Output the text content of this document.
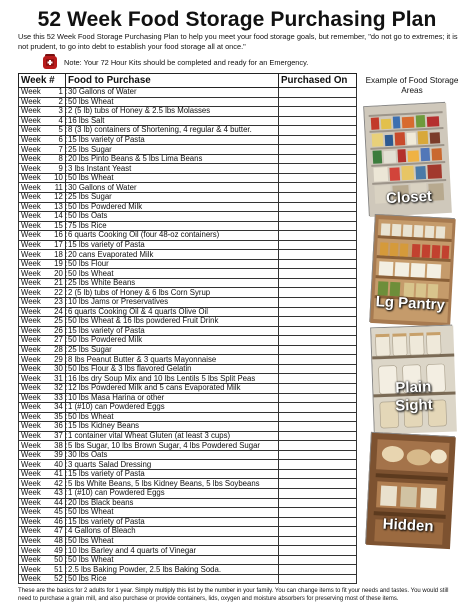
52 Week Food Storage Purchasing Plan
Use this 52 Week Food Storage Purchasing Plan to help you meet your food storage goals, but remember, "do not go to extremes; it is not prudent, to go into debt to establish your food storage all at once."
Note: Your 72 Hour Kits should be completed and ready for an Emergency.
Week #	Food to Purchase	Purchased On
Week 1 :	30 Gallons of Water	
Week 2 :	50 lbs Wheat	
Week 3 :	2 (5 lb) tubs of Honey & 2.5 lbs Molasses	
Week 4 :	16 lbs Salt	
Week 5 :	8 (3 lb) containers of Shortening, 4 regular & 4 butter.	
Week 6 :	15 lbs variety of Pasta	
Week 7 :	25 lbs Sugar	
Week 8 :	20 lbs Pinto Beans & 5 lbs Lima Beans	
Week 9 :	3 lbs Instant Yeast	
Week 10 :	50 lbs Wheat	
Week 11 :	30 Gallons of Water	
Week 12 :	25 lbs Sugar	
Week 13 :	50 lbs Powdered Milk	
Week 14 :	50 lbs Oats	
Week 15 :	75 lbs Rice	
Week 16 :	6 quarts Cooking Oil (four 48-oz containers)	
Week 17 :	15 lbs variety of Pasta	
Week 18 :	20 cans Evaporated Milk	
Week 19 :	50 lbs Flour	
Week 20 :	50 lbs Wheat	
Week 21 :	25 lbs White Beans	
Week 22 :	2 (5 lb) tubs of Honey & 6 lbs Corn Syrup	
Week 23 :	10 lbs Jams or Preservatives	
Week 24 :	6 quarts Cooking Oil & 4 quarts Olive Oil	
Week 25 :	50 lbs Wheat & 16 lbs powdered Fruit Drink	
Week 26 :	15 lbs variety of Pasta	
Week 27 :	50 lbs Powdered Milk	
Week 28 :	25 lbs Sugar	
Week 29 :	8 lbs Peanut Butter & 3 quarts Mayonnaise	
Week 30 :	50 lbs Flour & 3 lbs flavored Gelatin	
Week 31 :	16 lbs dry Soup Mix and 10 lbs Lentils 5 lbs Split Peas	
Week 32 :	12 lbs Powdered Milk and 5 cans Evaporated Milk	
Week 33 :	10 lbs Masa Harina or other	
Week 34 :	1 (#10) can Powdered Eggs	
Week 35 :	50 lbs Wheat	
Week 36 :	15 lbs Kidney Beans	
Week 37 :	1 container vital Wheat Gluten (at least 3 cups)	
Week 38 :	5 lbs Sugar, 10 lbs Brown Sugar, 4 lbs Powdered Sugar	
Week 39 :	30 lbs Oats	
Week 40 :	3 quarts Salad Dressing	
Week 41 :	15 lbs variety of Pasta	
Week 42 :	5 lbs White Beans, 5 lbs Kidney Beans, 5 lbs Soybeans	
Week 43 :	1 (#10) can Powdered Eggs	
Week 44 :	20 lbs Black beans	
Week 45 :	50 lbs Wheat	
Week 46 :	15 lbs variety of Pasta	
Week 47 :	4 Gallons of Bleach	
Week 48 :	50 lbs Wheat	
Week 49 :	10 lbs Barley and 4 quarts of Vinegar	
Week 50 :	50 lbs Wheat	
Week 51 :	2.5 lbs Baking Powder, 2.5 lbs Baking Soda.	
Week 52 :	50 lbs Rice	
Example of Food Storage Areas
Closet
Lg Pantry
Plain Sight
Hidden
These are the basics for 2 adults for 1 year. Simply multiply this list by the number in your family. You can change items to fit your needs and tastes. You would still need to purchase a grain mill, and also purchase or provide containers, lids, oxygen and moisture absorbers for preserving most of these items.
